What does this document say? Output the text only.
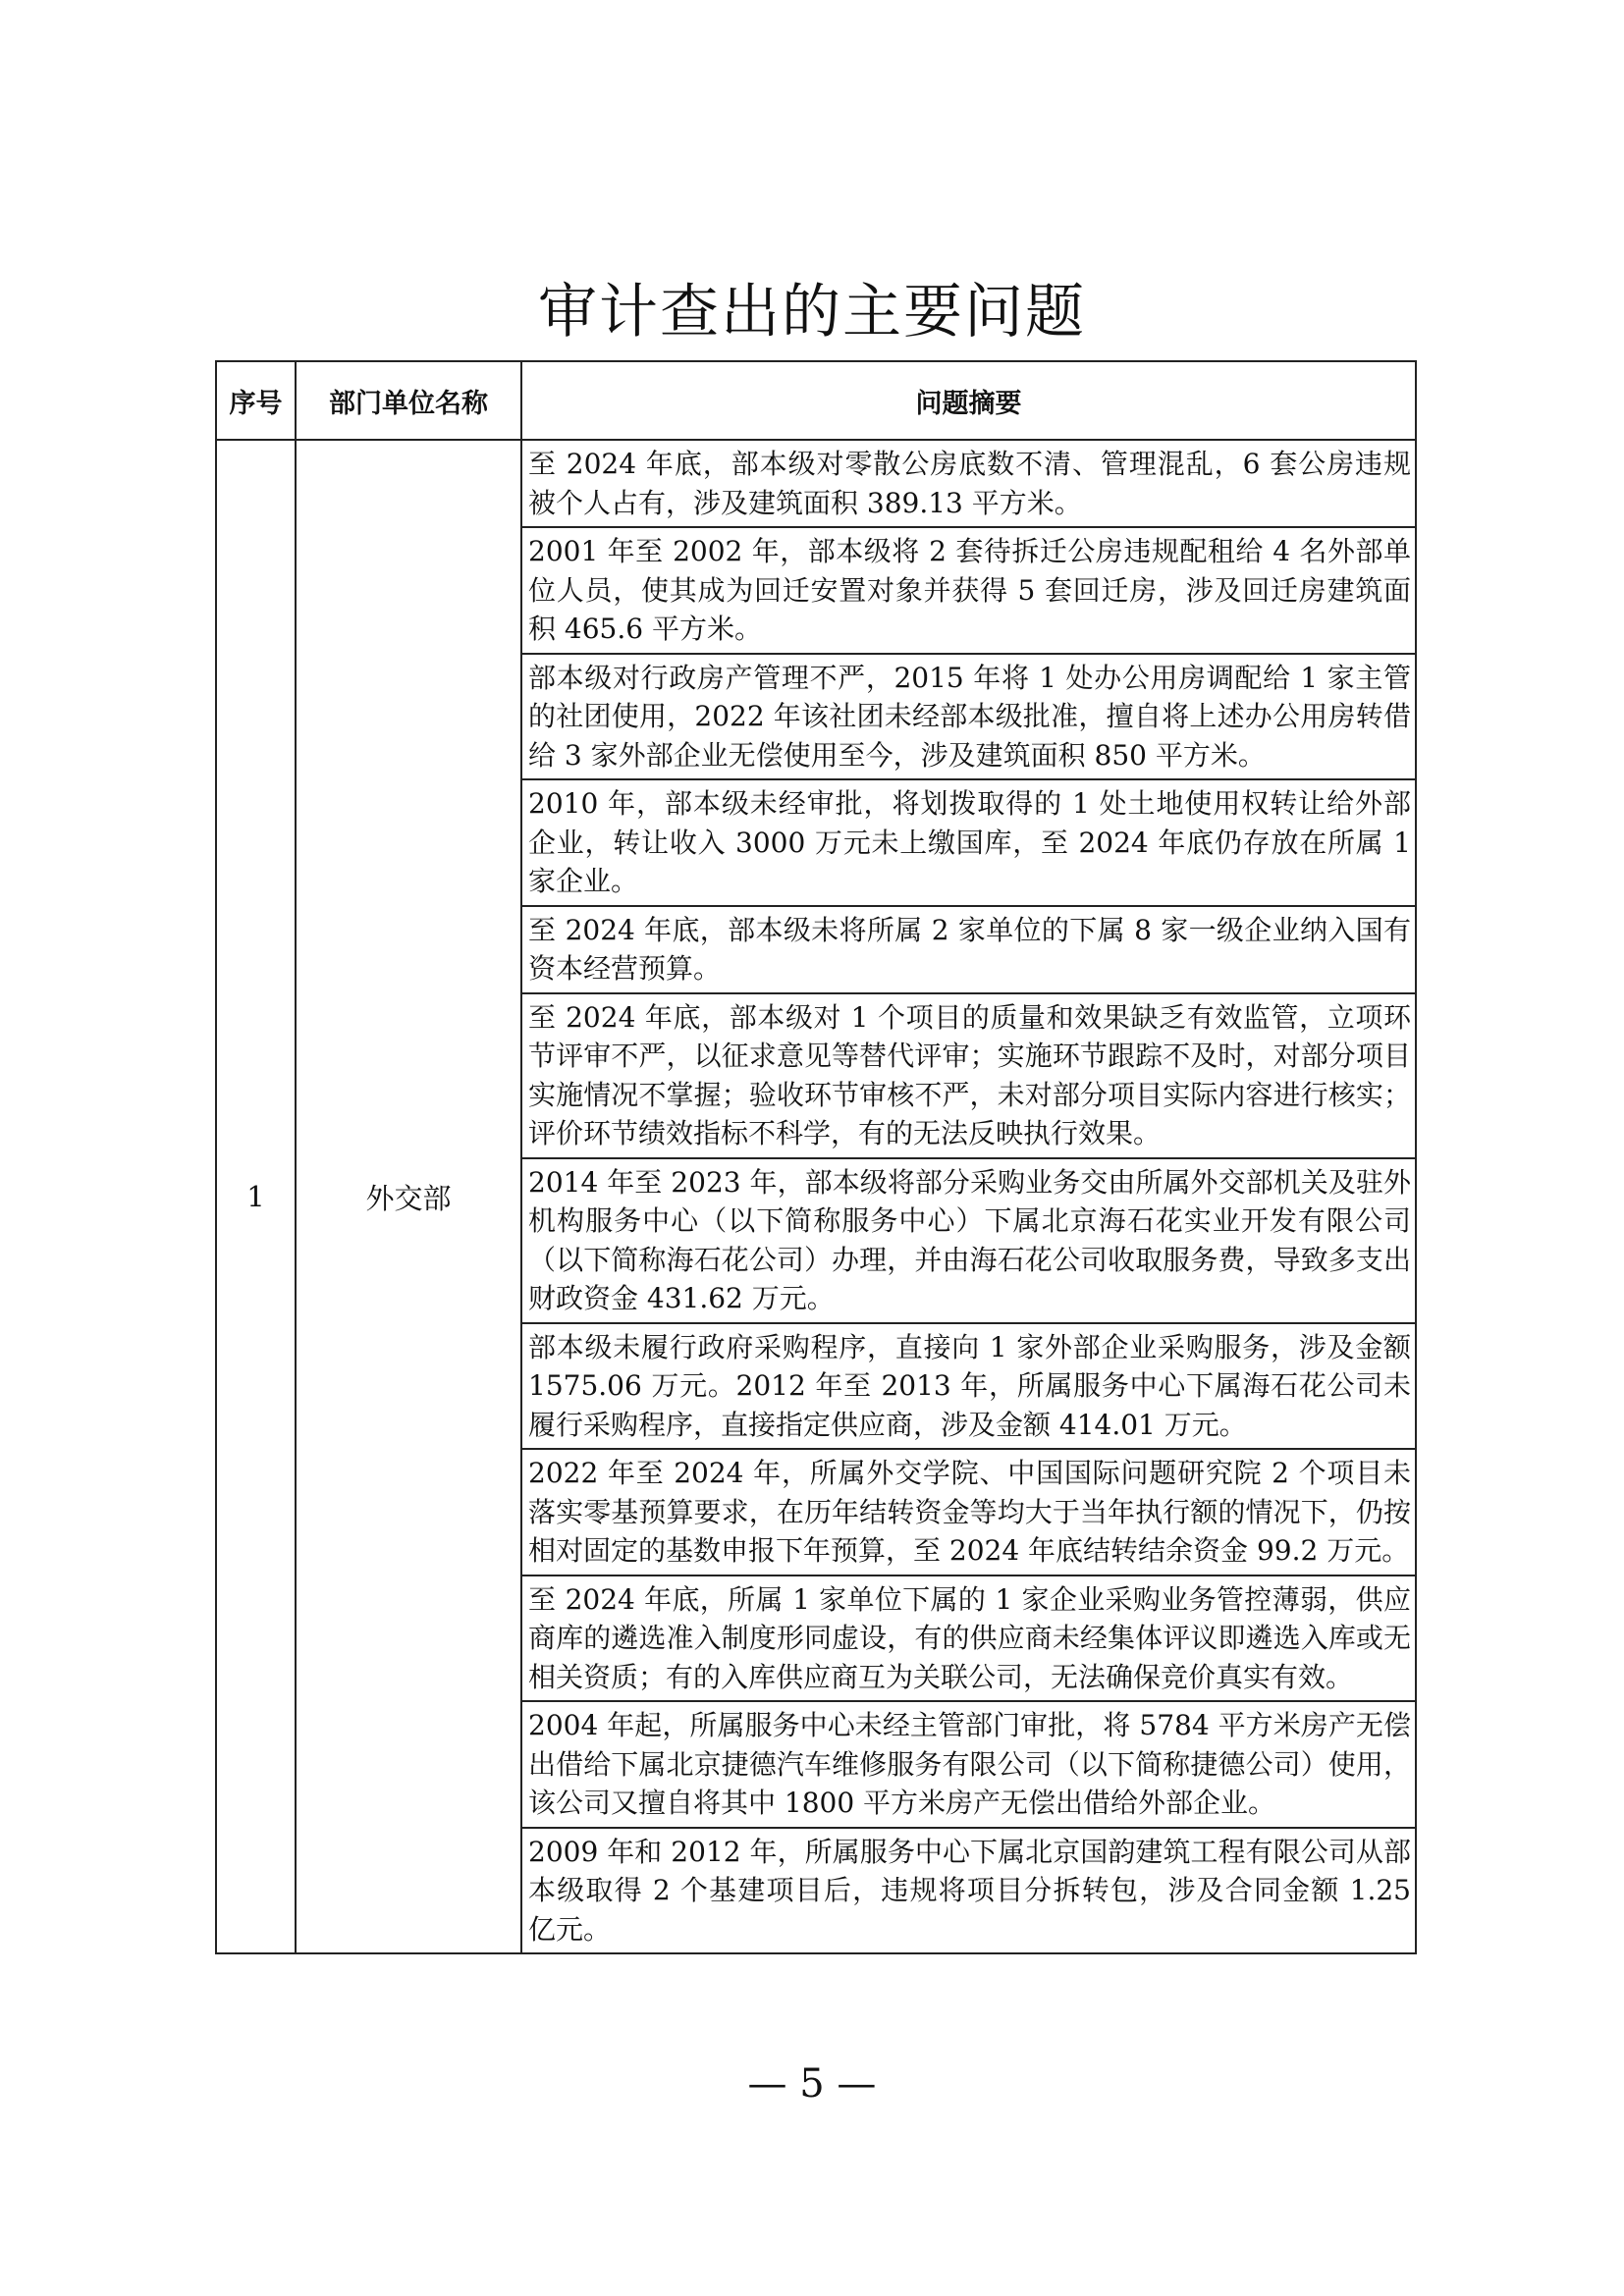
审计查出的主要问题
序号	部门单位名称	问题摘要
1	外交部	至 2024 年底，部本级对零散公房底数不清、管理混乱，6 套公房违规被个人占有，涉及建筑面积 389.13 平方米。
		2001 年至 2002 年，部本级将 2 套待拆迁公房违规配租给 4 名外部单位人员，使其成为回迁安置对象并获得 5 套回迁房，涉及回迁房建筑面积 465.6 平方米。
		部本级对行政房产管理不严，2015 年将 1 处办公用房调配给 1 家主管的社团使用，2022 年该社团未经部本级批准，擅自将上述办公用房转借给 3 家外部企业无偿使用至今，涉及建筑面积 850 平方米。
		2010 年，部本级未经审批，将划拨取得的 1 处土地使用权转让给外部企业，转让收入 3000 万元未上缴国库，至 2024 年底仍存放在所属 1 家企业。
		至 2024 年底，部本级未将所属 2 家单位的下属 8 家一级企业纳入国有资本经营预算。
		至 2024 年底，部本级对 1 个项目的质量和效果缺乏有效监管，立项环节评审不严，以征求意见等替代评审；实施环节跟踪不及时，对部分项目实施情况不掌握；验收环节审核不严，未对部分项目实际内容进行核实；评价环节绩效指标不科学，有的无法反映执行效果。
		2014 年至 2023 年，部本级将部分采购业务交由所属外交部机关及驻外机构服务中心（以下简称服务中心）下属北京海石花实业开发有限公司（以下简称海石花公司）办理，并由海石花公司收取服务费，导致多支出财政资金 431.62 万元。
		部本级未履行政府采购程序，直接向 1 家外部企业采购服务，涉及金额 1575.06 万元。2012 年至 2013 年，所属服务中心下属海石花公司未履行采购程序，直接指定供应商，涉及金额 414.01 万元。
		2022 年至 2024 年，所属外交学院、中国国际问题研究院 2 个项目未落实零基预算要求，在历年结转资金等均大于当年执行额的情况下，仍按相对固定的基数申报下年预算，至 2024 年底结转结余资金 99.2 万元。
		至 2024 年底，所属 1 家单位下属的 1 家企业采购业务管控薄弱，供应商库的遴选准入制度形同虚设，有的供应商未经集体评议即遴选入库或无相关资质；有的入库供应商互为关联公司，无法确保竞价真实有效。
		2004 年起，所属服务中心未经主管部门审批，将 5784 平方米房产无偿出借给下属北京捷德汽车维修服务有限公司（以下简称捷德公司）使用，该公司又擅自将其中 1800 平方米房产无偿出借给外部企业。
		2009 年和 2012 年，所属服务中心下属北京国韵建筑工程有限公司从部本级取得 2 个基建项目后，违规将项目分拆转包，涉及合同金额 1.25 亿元。
— 5 —
